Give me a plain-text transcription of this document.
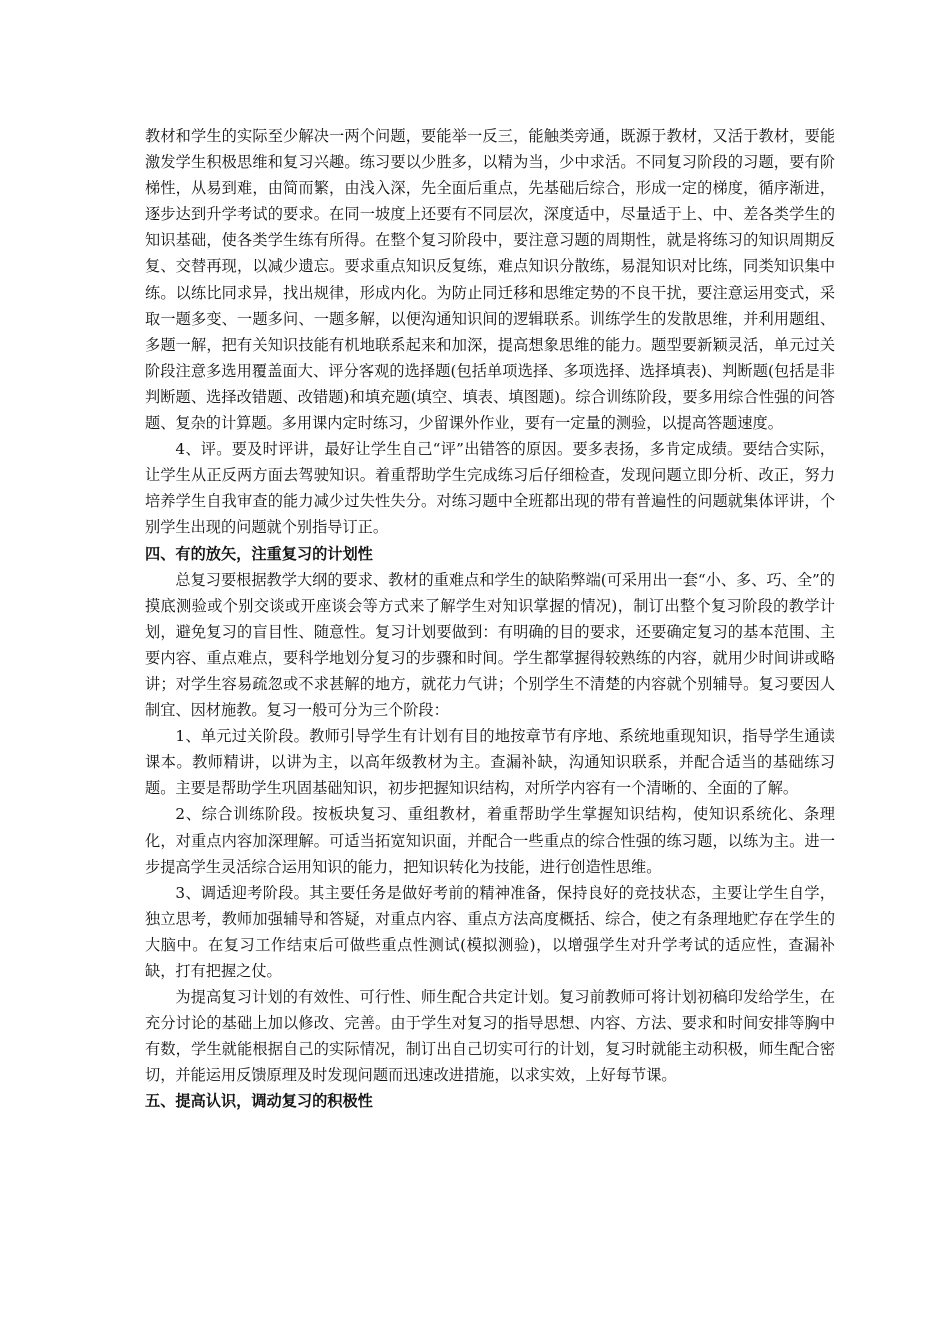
教材和学生的实际至少解决一两个问题，要能举一反三，能触类旁通，既源于教材，又活于教材，要能激发学生积极思维和复习兴趣。练习要以少胜多，以精为当，少中求活。不同复习阶段的习题，要有阶梯性，从易到难，由简而繁，由浅入深，先全面后重点，先基础后综合，形成一定的梯度，循序渐进，逐步达到升学考试的要求。在同一坡度上还要有不同层次，深度适中，尽量适于上、中、差各类学生的知识基础，使各类学生练有所得。在整个复习阶段中，要注意习题的周期性，就是将练习的知识周期反复、交替再现，以减少遗忘。要求重点知识反复练，难点知识分散练，易混知识对比练，同类知识集中练。以练比同求异，找出规律，形成内化。为防止同迁移和思维定势的不良干扰，要注意运用变式，采取一题多变、一题多问、一题多解，以便沟通知识间的逻辑联系。训练学生的发散思维，并利用题组、多题一解，把有关知识技能有机地联系起来和加深，提高想象思维的能力。题型要新颖灵活，单元过关阶段注意多选用覆盖面大、评分客观的选择题(包括单项选择、多项选择、选择填表)、判断题(包括是非判断题、选择改错题、改错题)和填充题(填空、填表、填图题)。综合训练阶段，要多用综合性强的问答题、复杂的计算题。多用课内定时练习，少留课外作业，要有一定量的测验，以提高答题速度。

4、评。要及时评讲，最好让学生自己“评”出错答的原因。要多表扬，多肯定成绩。要结合实际，让学生从正反两方面去驾驶知识。着重帮助学生完成练习后仔细检查，发现问题立即分析、改正，努力培养学生自我审查的能力减少过失性失分。对练习题中全班都出现的带有普遍性的问题就集体评讲，个别学生出现的问题就个别指导订正。

四、有的放矢，注重复习的计划性

总复习要根据教学大纲的要求、教材的重难点和学生的缺陷弊端(可采用出一套“小、多、巧、全”的摸底测验或个别交谈或开座谈会等方式来了解学生对知识掌握的情况)，制订出整个复习阶段的教学计划，避免复习的盲目性、随意性。复习计划要做到：有明确的目的要求，还要确定复习的基本范围、主要内容、重点难点，要科学地划分复习的步骤和时间。学生都掌握得较熟练的内容，就用少时间讲或略讲；对学生容易疏忽或不求甚解的地方，就花力气讲；个别学生不清楚的内容就个别辅导。复习要因人制宜、因材施教。复习一般可分为三个阶段：

1、单元过关阶段。教师引导学生有计划有目的地按章节有序地、系统地重现知识，指导学生通读课本。教师精讲，以讲为主，以高年级教材为主。查漏补缺，沟通知识联系，并配合适当的基础练习题。主要是帮助学生巩固基础知识，初步把握知识结构，对所学内容有一个清晰的、全面的了解。

2、综合训练阶段。按板块复习、重组教材，着重帮助学生掌握知识结构，使知识系统化、条理化，对重点内容加深理解。可适当拓宽知识面，并配合一些重点的综合性强的练习题，以练为主。进一步提高学生灵活综合运用知识的能力，把知识转化为技能，进行创造性思维。

3、调适迎考阶段。其主要任务是做好考前的精神准备，保持良好的竞技状态，主要让学生自学，独立思考，教师加强辅导和答疑，对重点内容、重点方法高度概括、综合，使之有条理地贮存在学生的大脑中。在复习工作结束后可做些重点性测试(模拟测验)，以增强学生对升学考试的适应性，查漏补缺，打有把握之仗。

为提高复习计划的有效性、可行性、师生配合共定计划。复习前教师可将计划初稿印发给学生，在充分讨论的基础上加以修改、完善。由于学生对复习的指导思想、内容、方法、要求和时间安排等胸中有数，学生就能根据自己的实际情况，制订出自己切实可行的计划，复习时就能主动积极，师生配合密切，并能运用反馈原理及时发现问题而迅速改进措施，以求实效，上好每节课。

五、提高认识，调动复习的积极性
